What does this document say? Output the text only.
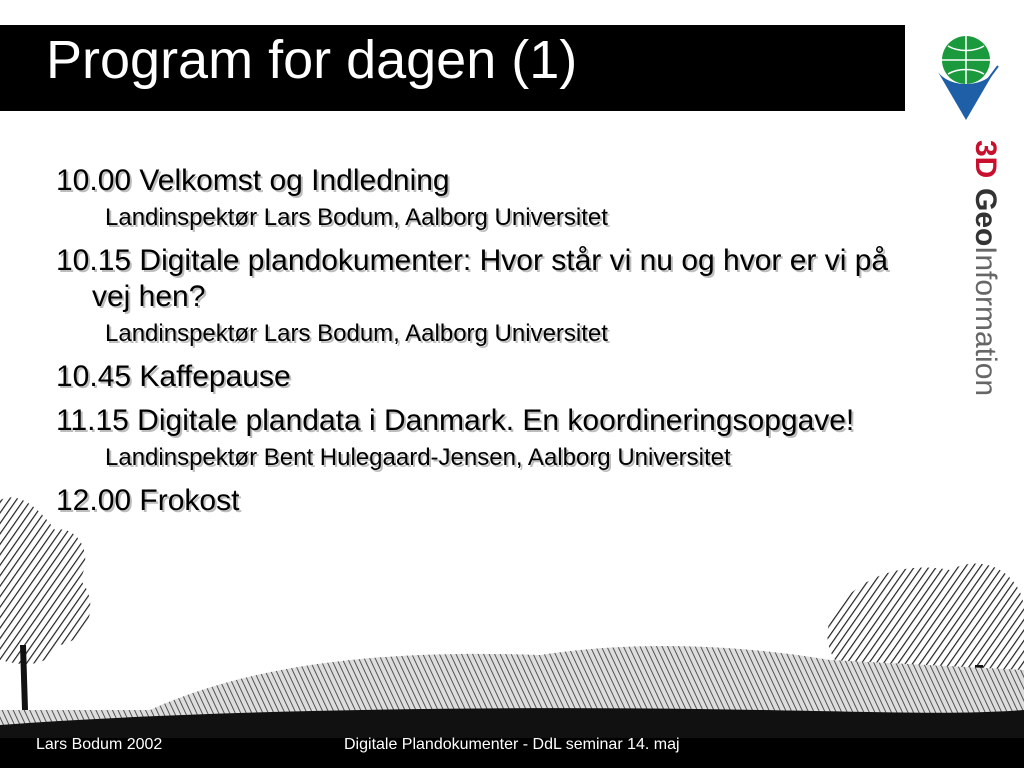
Program for dagen (1)
3D
Geo
Information
10.00 Velkomst og Indledning
Landinspektør Lars Bodum, Aalborg Universitet
10.15 Digitale plandokumenter: Hvor står vi nu og hvor er vi på vej hen?
Landinspektør Lars Bodum, Aalborg Universitet
10.45 Kaffepause
11.15 Digitale plandata i Danmark. En koordineringsopgave!
Landinspektør Bent Hulegaard-Jensen, Aalborg Universitet
12.00 Frokost
Lars Bodum 2002	Digitale Plandokumenter - DdL seminar 14. maj
